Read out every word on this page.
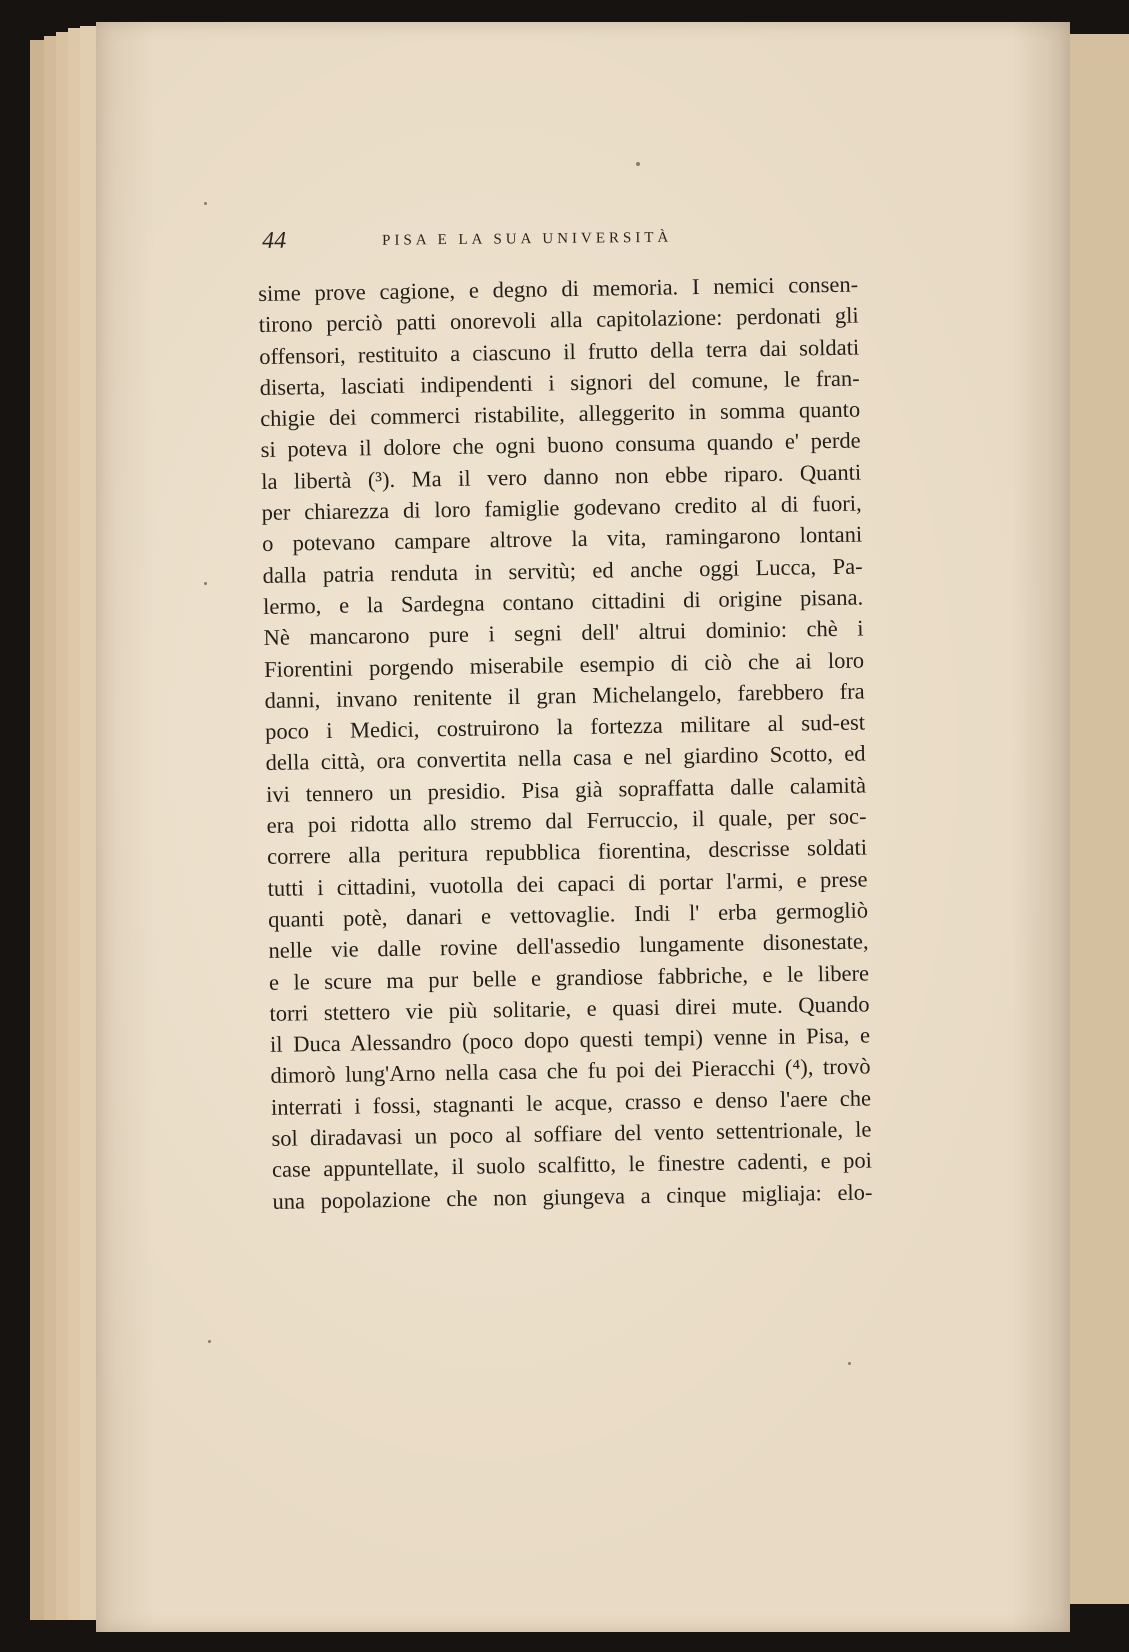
44	PISA E LA SUA UNIVERSITÀ
sime prove cagione, e degno di memoria. I nemici consen-
tirono perciò patti onorevoli alla capitolazione: perdonati gli
offensori, restituito a ciascuno il frutto della terra dai soldati
diserta, lasciati indipendenti i signori del comune, le fran-
chigie dei commerci ristabilite, alleggerito in somma quanto
si poteva il dolore che ogni buono consuma quando e' perde
la libertà (³). Ma il vero danno non ebbe riparo. Quanti
per chiarezza di loro famiglie godevano credito al di fuori,
o potevano campare altrove la vita, ramingarono lontani
dalla patria renduta in servitù; ed anche oggi Lucca, Pa-
lermo, e la Sardegna contano cittadini di origine pisana.
Nè mancarono pure i segni dell' altrui dominio: chè i
Fiorentini porgendo miserabile esempio di ciò che ai loro
danni, invano renitente il gran Michelangelo, farebbero fra
poco i Medici, costruirono la fortezza militare al sud-est
della città, ora convertita nella casa e nel giardino Scotto, ed
ivi tennero un presidio. Pisa già sopraffatta dalle calamità
era poi ridotta allo stremo dal Ferruccio, il quale, per soc-
correre alla peritura repubblica fiorentina, descrisse soldati
tutti i cittadini, vuotolla dei capaci di portar l'armi, e prese
quanti potè, danari e vettovaglie. Indi l' erba germogliò
nelle vie dalle rovine dell'assedio lungamente disonestate,
e le scure ma pur belle e grandiose fabbriche, e le libere
torri stettero vie più solitarie, e quasi direi mute. Quando
il Duca Alessandro (poco dopo questi tempi) venne in Pisa, e
dimorò lung'Arno nella casa che fu poi dei Pieracchi (⁴), trovò
interrati i fossi, stagnanti le acque, crasso e denso l'aere che
sol diradavasi un poco al soffiare del vento settentrionale, le
case appuntellate, il suolo scalfitto, le finestre cadenti, e poi
una popolazione che non giungeva a cinque migliaja: elo-
